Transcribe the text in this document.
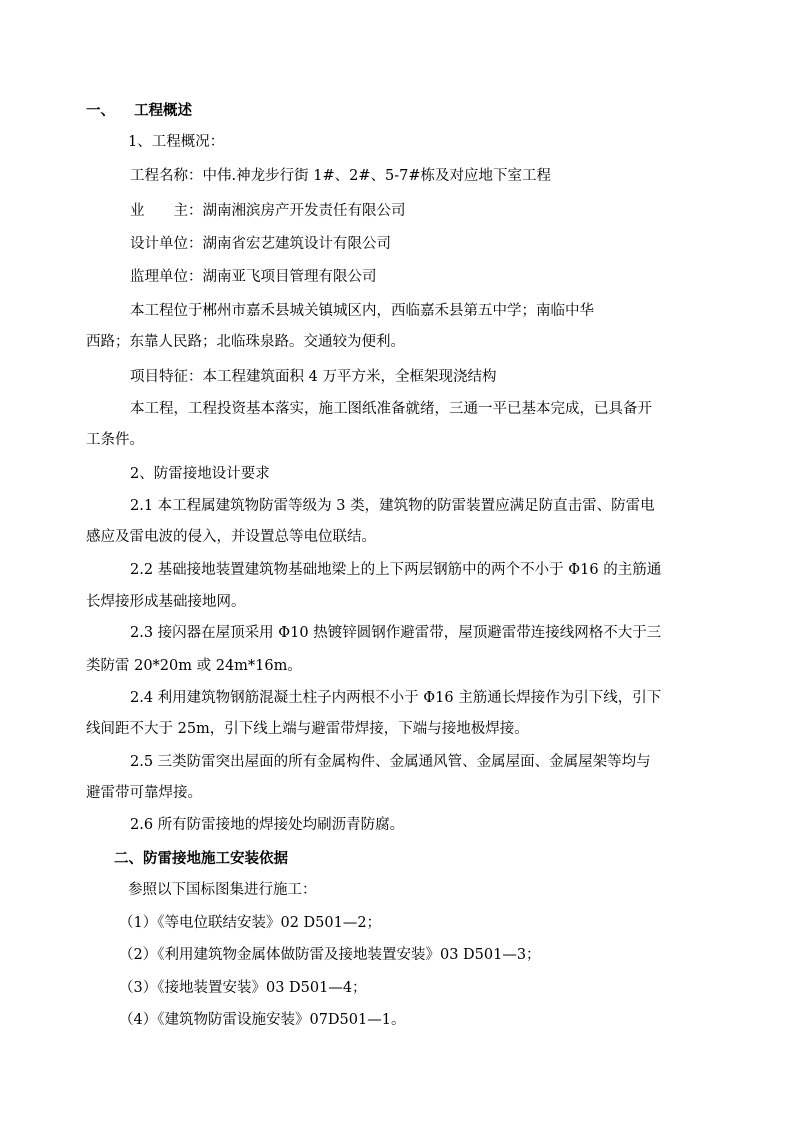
一、 工程概述
1、工程概况：
工程名称：中伟.神龙步行街 1#、2#、5-7#栋及对应地下室工程
业　　主：湖南湘滨房产开发责任有限公司
设计单位：湖南省宏艺建筑设计有限公司
监理单位：湖南亚飞项目管理有限公司
本工程位于郴州市嘉禾县城关镇城区内，西临嘉禾县第五中学；南临中华
西路；东靠人民路；北临珠泉路。交通较为便利。
项目特征：本工程建筑面积 4 万平方米，全框架现浇结构
本工程，工程投资基本落实，施工图纸准备就绪，三通一平已基本完成，已具备开
工条件。
2、防雷接地设计要求
2.1 本工程属建筑物防雷等级为 3 类，建筑物的防雷装置应满足防直击雷、防雷电
感应及雷电波的侵入，并设置总等电位联结。
2.2 基础接地装置建筑物基础地梁上的上下两层钢筋中的两个不小于 Φ16 的主筋通
长焊接形成基础接地网。
2.3 接闪器在屋顶采用 Φ10 热镀锌圆钢作避雷带，屋顶避雷带连接线网格不大于三
类防雷 20*20m 或 24m*16m。
2.4 利用建筑物钢筋混凝土柱子内两根不小于 Φ16 主筋通长焊接作为引下线，引下
线间距不大于 25m，引下线上端与避雷带焊接，下端与接地极焊接。
2.5 三类防雷突出屋面的所有金属构件、金属通风管、金属屋面、金属屋架等均与
避雷带可靠焊接。
2.6 所有防雷接地的焊接处均刷沥青防腐。
二、防雷接地施工安装依据
参照以下国标图集进行施工：
（1）《等电位联结安装》02 D501—2；
（2）《利用建筑物金属体做防雷及接地装置安装》03 D501—3；
（3）《接地装置安装》03 D501—4；
（4）《建筑物防雷设施安装》07D501—1。
